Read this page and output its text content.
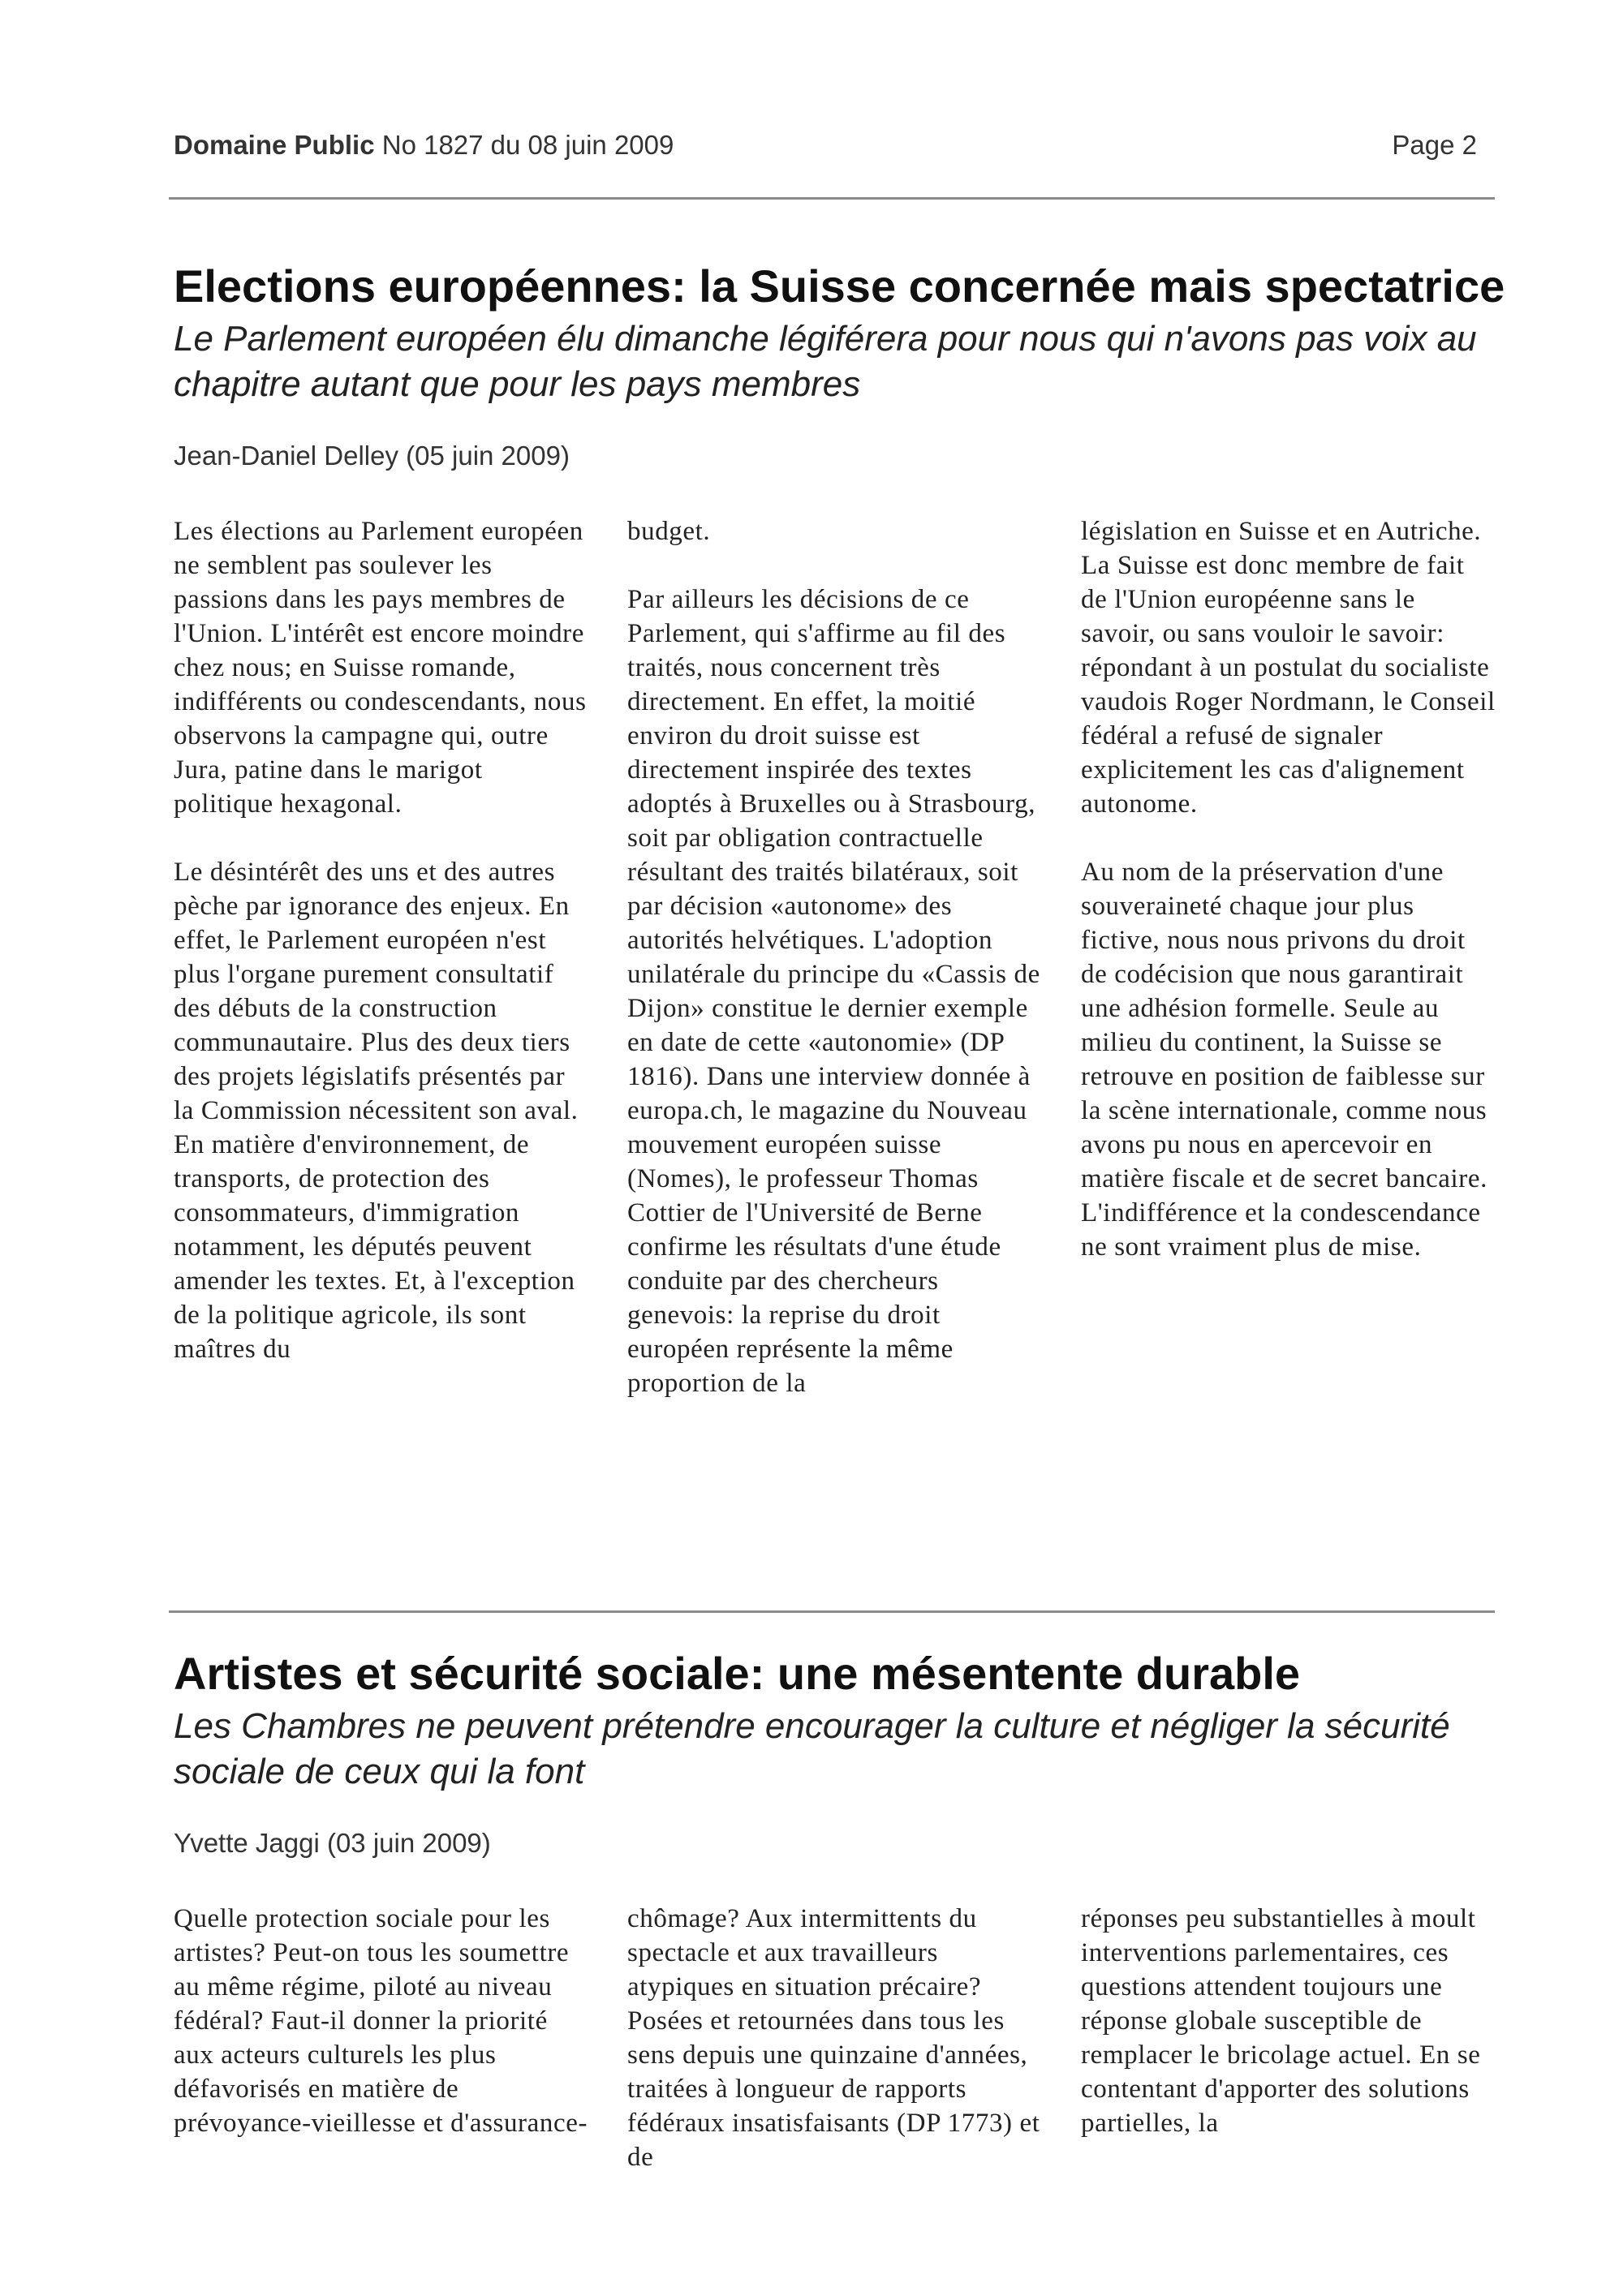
Domaine Public No 1827 du 08 juin 2009	Page 2
Elections européennes: la Suisse concernée mais spectatrice
Le Parlement européen élu dimanche légiférera pour nous qui n'avons pas voix au chapitre autant que pour les pays membres
Jean-Daniel Delley (05 juin 2009)

Les élections au Parlement européen ne semblent pas soulever les passions dans les pays membres de l'Union. L'intérêt est encore moindre chez nous; en Suisse romande, indifférents ou condescendants, nous observons la campagne qui, outre Jura, patine dans le marigot politique hexagonal.

Le désintérêt des uns et des autres pèche par ignorance des enjeux. En effet, le Parlement européen n'est plus l'organe purement consultatif des débuts de la construction communautaire. Plus des deux tiers des projets législatifs présentés par la Commission nécessitent son aval. En matière d'environnement, de transports, de protection des consommateurs, d'immigration notamment, les députés peuvent amender les textes. Et, à l'exception de la politique agricole, ils sont maîtres du

budget.

Par ailleurs les décisions de ce Parlement, qui s'affirme au fil des traités, nous concernent très directement. En effet, la moitié environ du droit suisse est directement inspirée des textes adoptés à Bruxelles ou à Strasbourg, soit par obligation contractuelle résultant des traités bilatéraux, soit par décision «autonome» des autorités helvétiques. L'adoption unilatérale du principe du «Cassis de Dijon» constitue le dernier exemple en date de cette «autonomie» (DP 1816). Dans une interview donnée à europa.ch, le magazine du Nouveau mouvement européen suisse (Nomes), le professeur Thomas Cottier de l'Université de Berne confirme les résultats d'une étude conduite par des chercheurs genevois: la reprise du droit européen représente la même proportion de la

législation en Suisse et en Autriche. La Suisse est donc membre de fait de l'Union européenne sans le savoir, ou sans vouloir le savoir: répondant à un postulat du socialiste vaudois Roger Nordmann, le Conseil fédéral a refusé de signaler explicitement les cas d'alignement autonome.

Au nom de la préservation d'une souveraineté chaque jour plus fictive, nous nous privons du droit de codécision que nous garantirait une adhésion formelle. Seule au milieu du continent, la Suisse se retrouve en position de faiblesse sur la scène internationale, comme nous avons pu nous en apercevoir en matière fiscale et de secret bancaire. L'indifférence et la condescendance ne sont vraiment plus de mise.

Artistes et sécurité sociale: une mésentente durable
Les Chambres ne peuvent prétendre encourager la culture et négliger la sécurité sociale de ceux qui la font
Yvette Jaggi (03 juin 2009)

Quelle protection sociale pour les artistes? Peut-on tous les soumettre au même régime, piloté au niveau fédéral? Faut-il donner la priorité aux acteurs culturels les plus défavorisés en matière de prévoyance-vieillesse et d'assurance-

chômage? Aux intermittents du spectacle et aux travailleurs atypiques en situation précaire? Posées et retournées dans tous les sens depuis une quinzaine d'années, traitées à longueur de rapports fédéraux insatisfaisants (DP 1773) et de

réponses peu substantielles à moult interventions parlementaires, ces questions attendent toujours une réponse globale susceptible de remplacer le bricolage actuel. En se contentant d'apporter des solutions partielles, la
